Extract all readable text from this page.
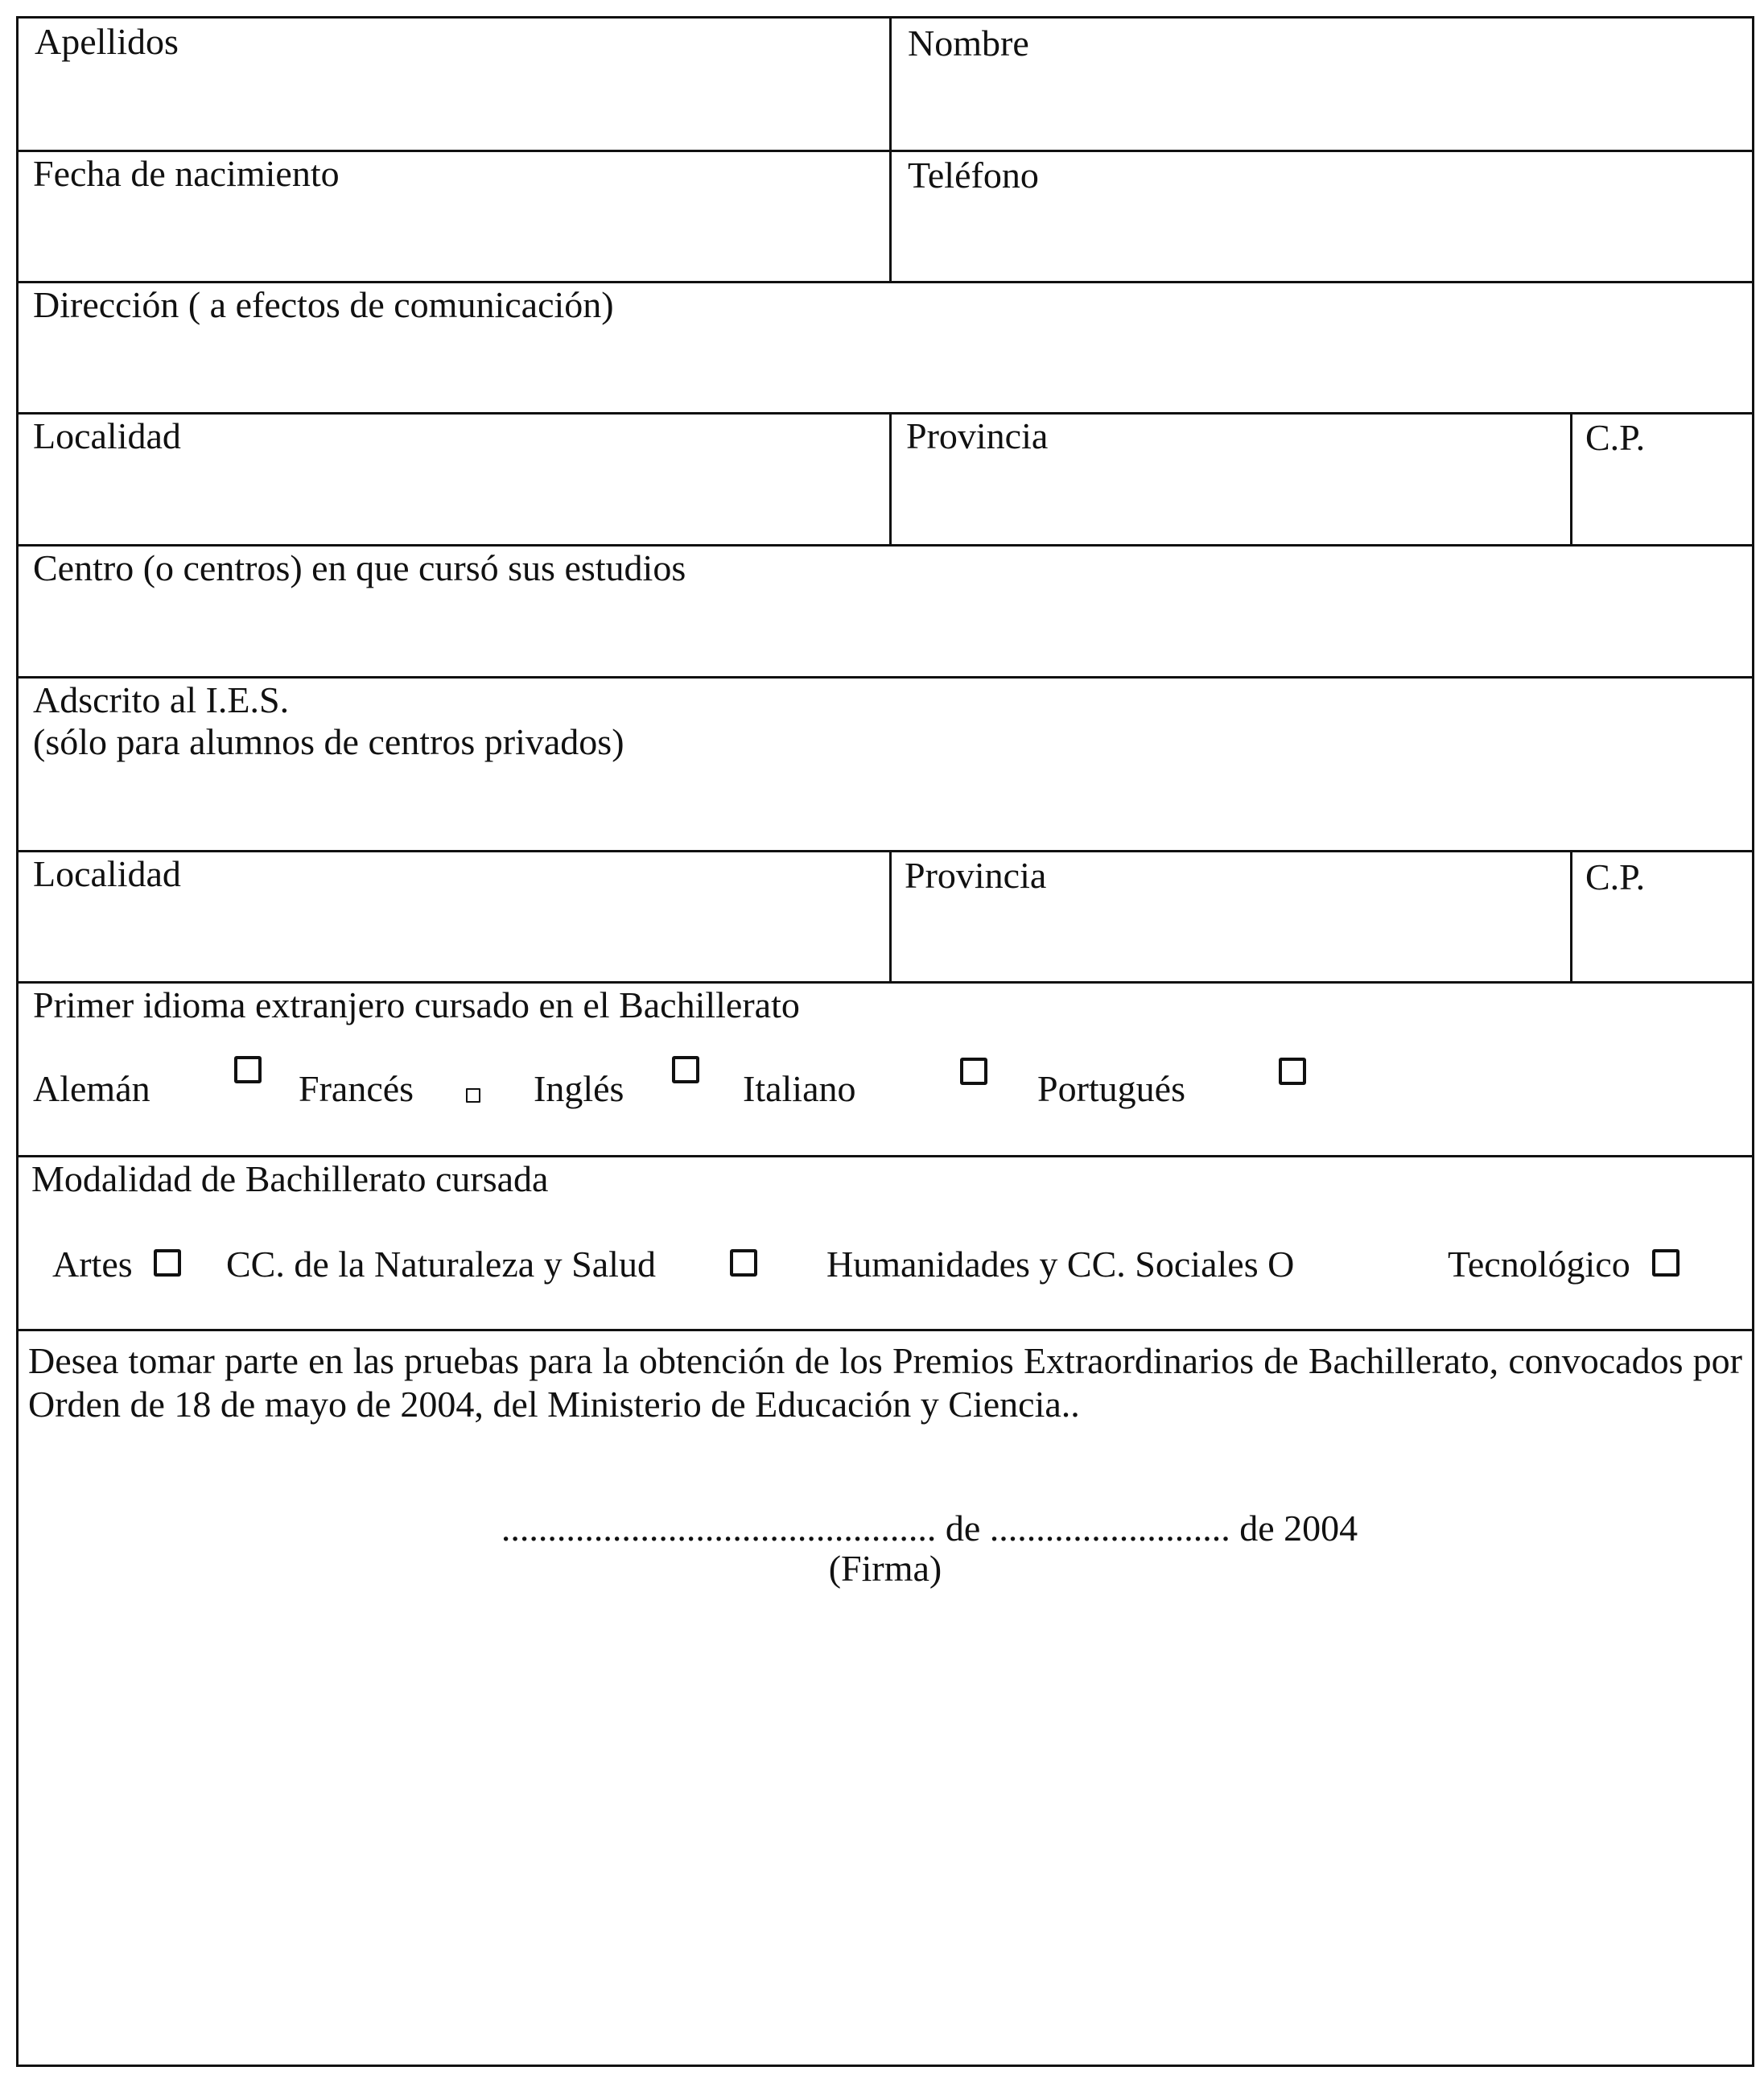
Apellidos	Nombre
Fecha de nacimiento	Teléfono
Dirección ( a efectos de comunicación)
Localidad	Provincia	C.P.
Centro (o centros) en que cursó sus estudios
Adscrito al I.E.S.
(sólo para alumnos de centros privados)
Localidad	Provincia	C.P.
Primer idioma extranjero cursado en el Bachillerato
Alemán	Francés	Inglés	Italiano	Portugués
Modalidad de Bachillerato cursada
Artes	CC. de la Naturaleza y Salud	Humanidades y CC. Sociales O	Tecnológico

Desea tomar parte en las pruebas para la obtención de los Premios Extraordinarios de Bachillerato, convocados por Orden de 18 de mayo de 2004, del Ministerio de Educación y Ciencia..

............................................... de .......................... de 2004
(Firma)
